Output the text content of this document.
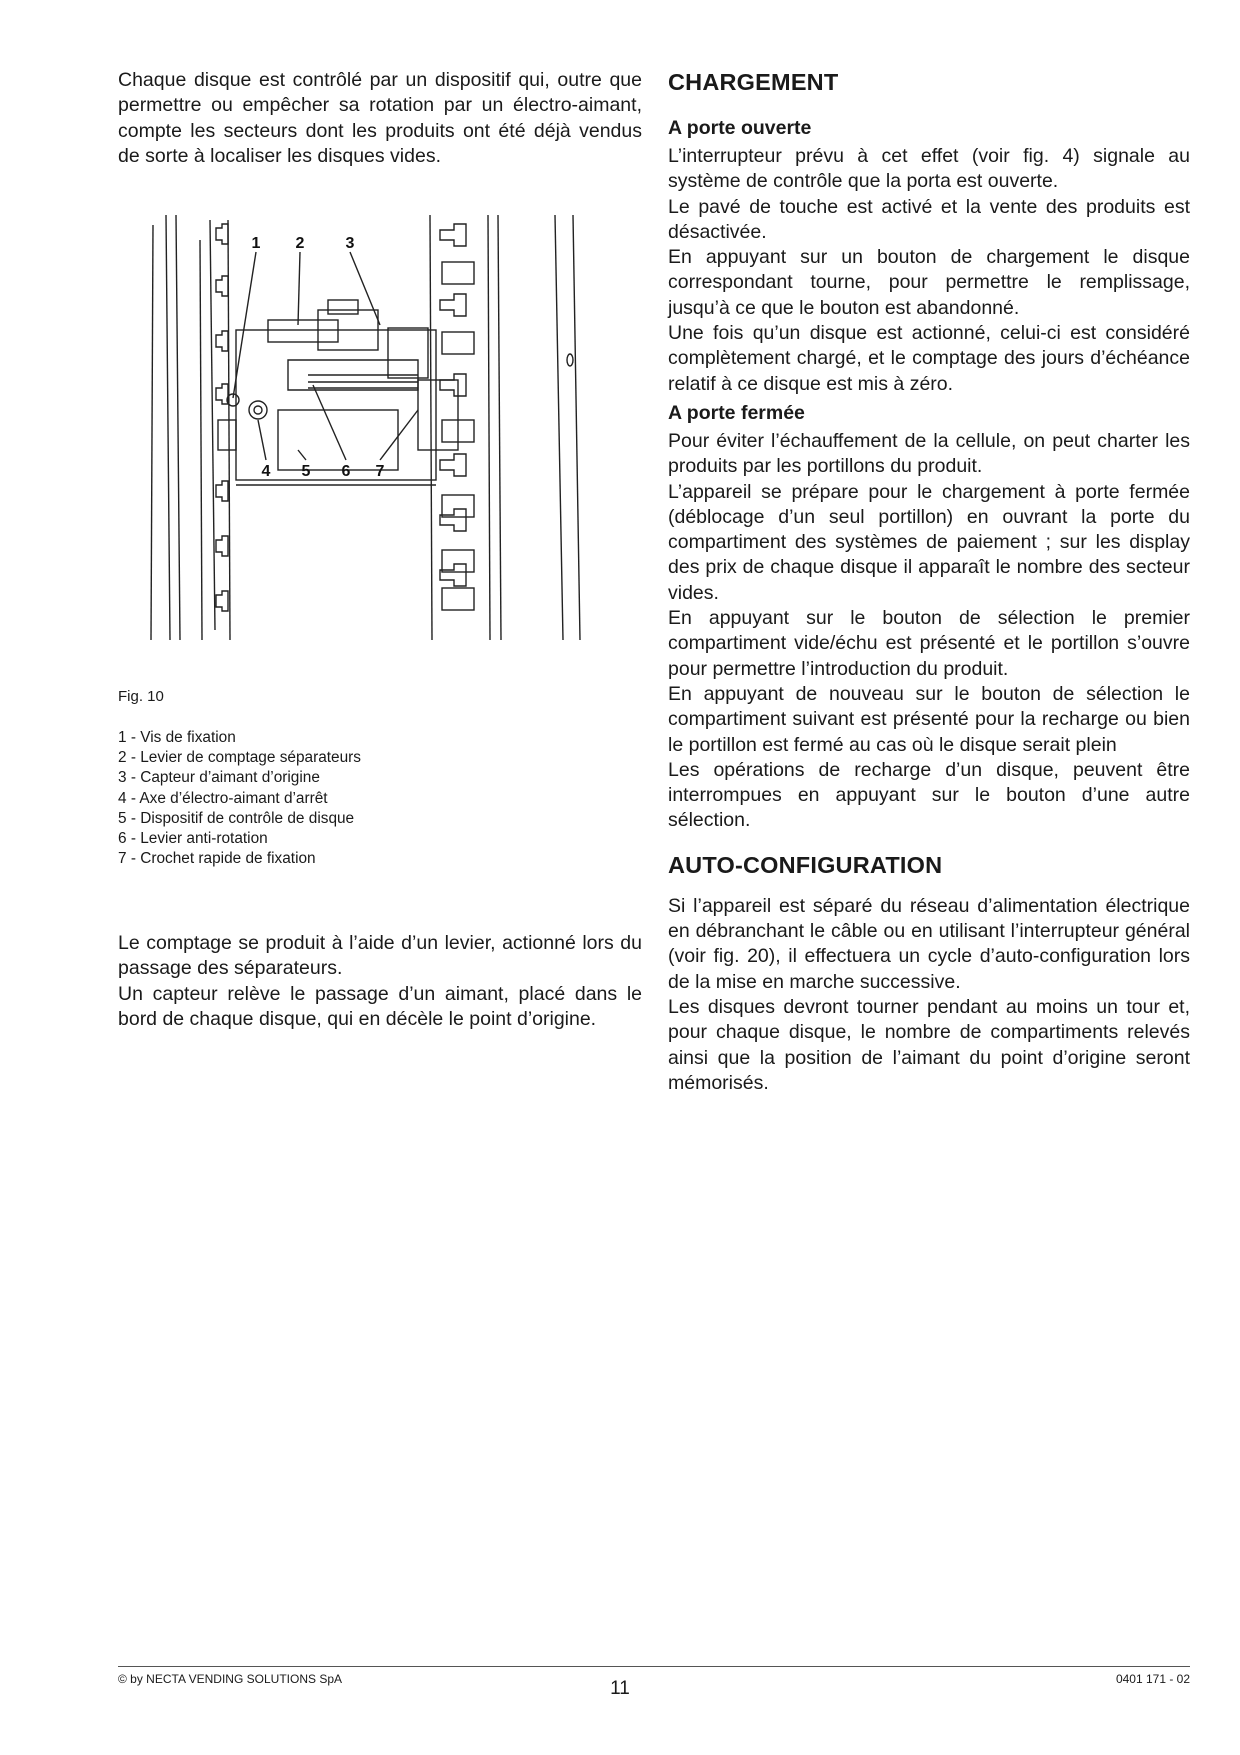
Chaque disque est contrôlé par un dispositif qui, outre que permettre ou empêcher sa rotation par un électro-aimant, compte les secteurs dont les produits ont été déjà vendus de sorte à localiser les disques vides.

1 2	3
4 5 6 7
Fig. 10
1 - Vis de fixation
2 - Levier de comptage séparateurs
3 - Capteur d’aimant d’origine
4 - Axe d’électro-aimant d’arrêt
5 - Dispositif de contrôle de disque
6 - Levier anti-rotation
7 - Crochet rapide de fixation

Le comptage se produit à l’aide d’un levier, actionné lors du passage des séparateurs.

Un capteur relève le passage d’un aimant, placé dans le bord de chaque disque, qui en décèle le point d’origine.

CHARGEMENT
A porte ouverte

L’interrupteur prévu à cet effet (voir fig. 4) signale au système de contrôle que la porta est ouverte.

Le pavé de touche est activé et la vente des produits est désactivée.

En appuyant sur un bouton de chargement le disque correspondant tourne, pour permettre le remplissage, jusqu’à ce que le bouton est abandonné.

Une fois qu’un disque est actionné, celui-ci est considéré complètement chargé, et le comptage des jours d’échéance relatif à ce disque est mis à zéro.

A porte fermée

Pour éviter l’échauffement de la cellule, on peut charter les produits par les portillons du produit.

L’appareil se prépare pour le chargement à porte fermée (déblocage d’un seul portillon) en ouvrant la porte du compartiment des systèmes de paiement ; sur les display des prix de chaque disque il apparaît le nombre des secteur vides.

En appuyant sur le bouton de sélection le premier compartiment vide/échu est présenté et le portillon s’ouvre pour permettre l’introduction du produit.

En appuyant de nouveau sur le bouton de sélection le compartiment suivant est présenté pour la recharge ou bien le portillon est fermé au cas où le disque serait plein

Les opérations de recharge d’un disque, peuvent être interrompues en appuyant sur le bouton d’une autre sélection.

AUTO-CONFIGURATION

Si l’appareil est séparé du réseau d’alimentation électrique en débranchant le câble ou en utilisant l’interrupteur général (voir fig. 20), il effectuera un cycle d’auto-configuration lors de la mise en marche successive.

Les disques devront tourner pendant au moins un tour et, pour chaque disque, le nombre de compartiments relevés ainsi que la position de l’aimant du point d’origine seront mémorisés.

© by NECTA VENDING SOLUTIONS SpA	11	0401 171 - 02
